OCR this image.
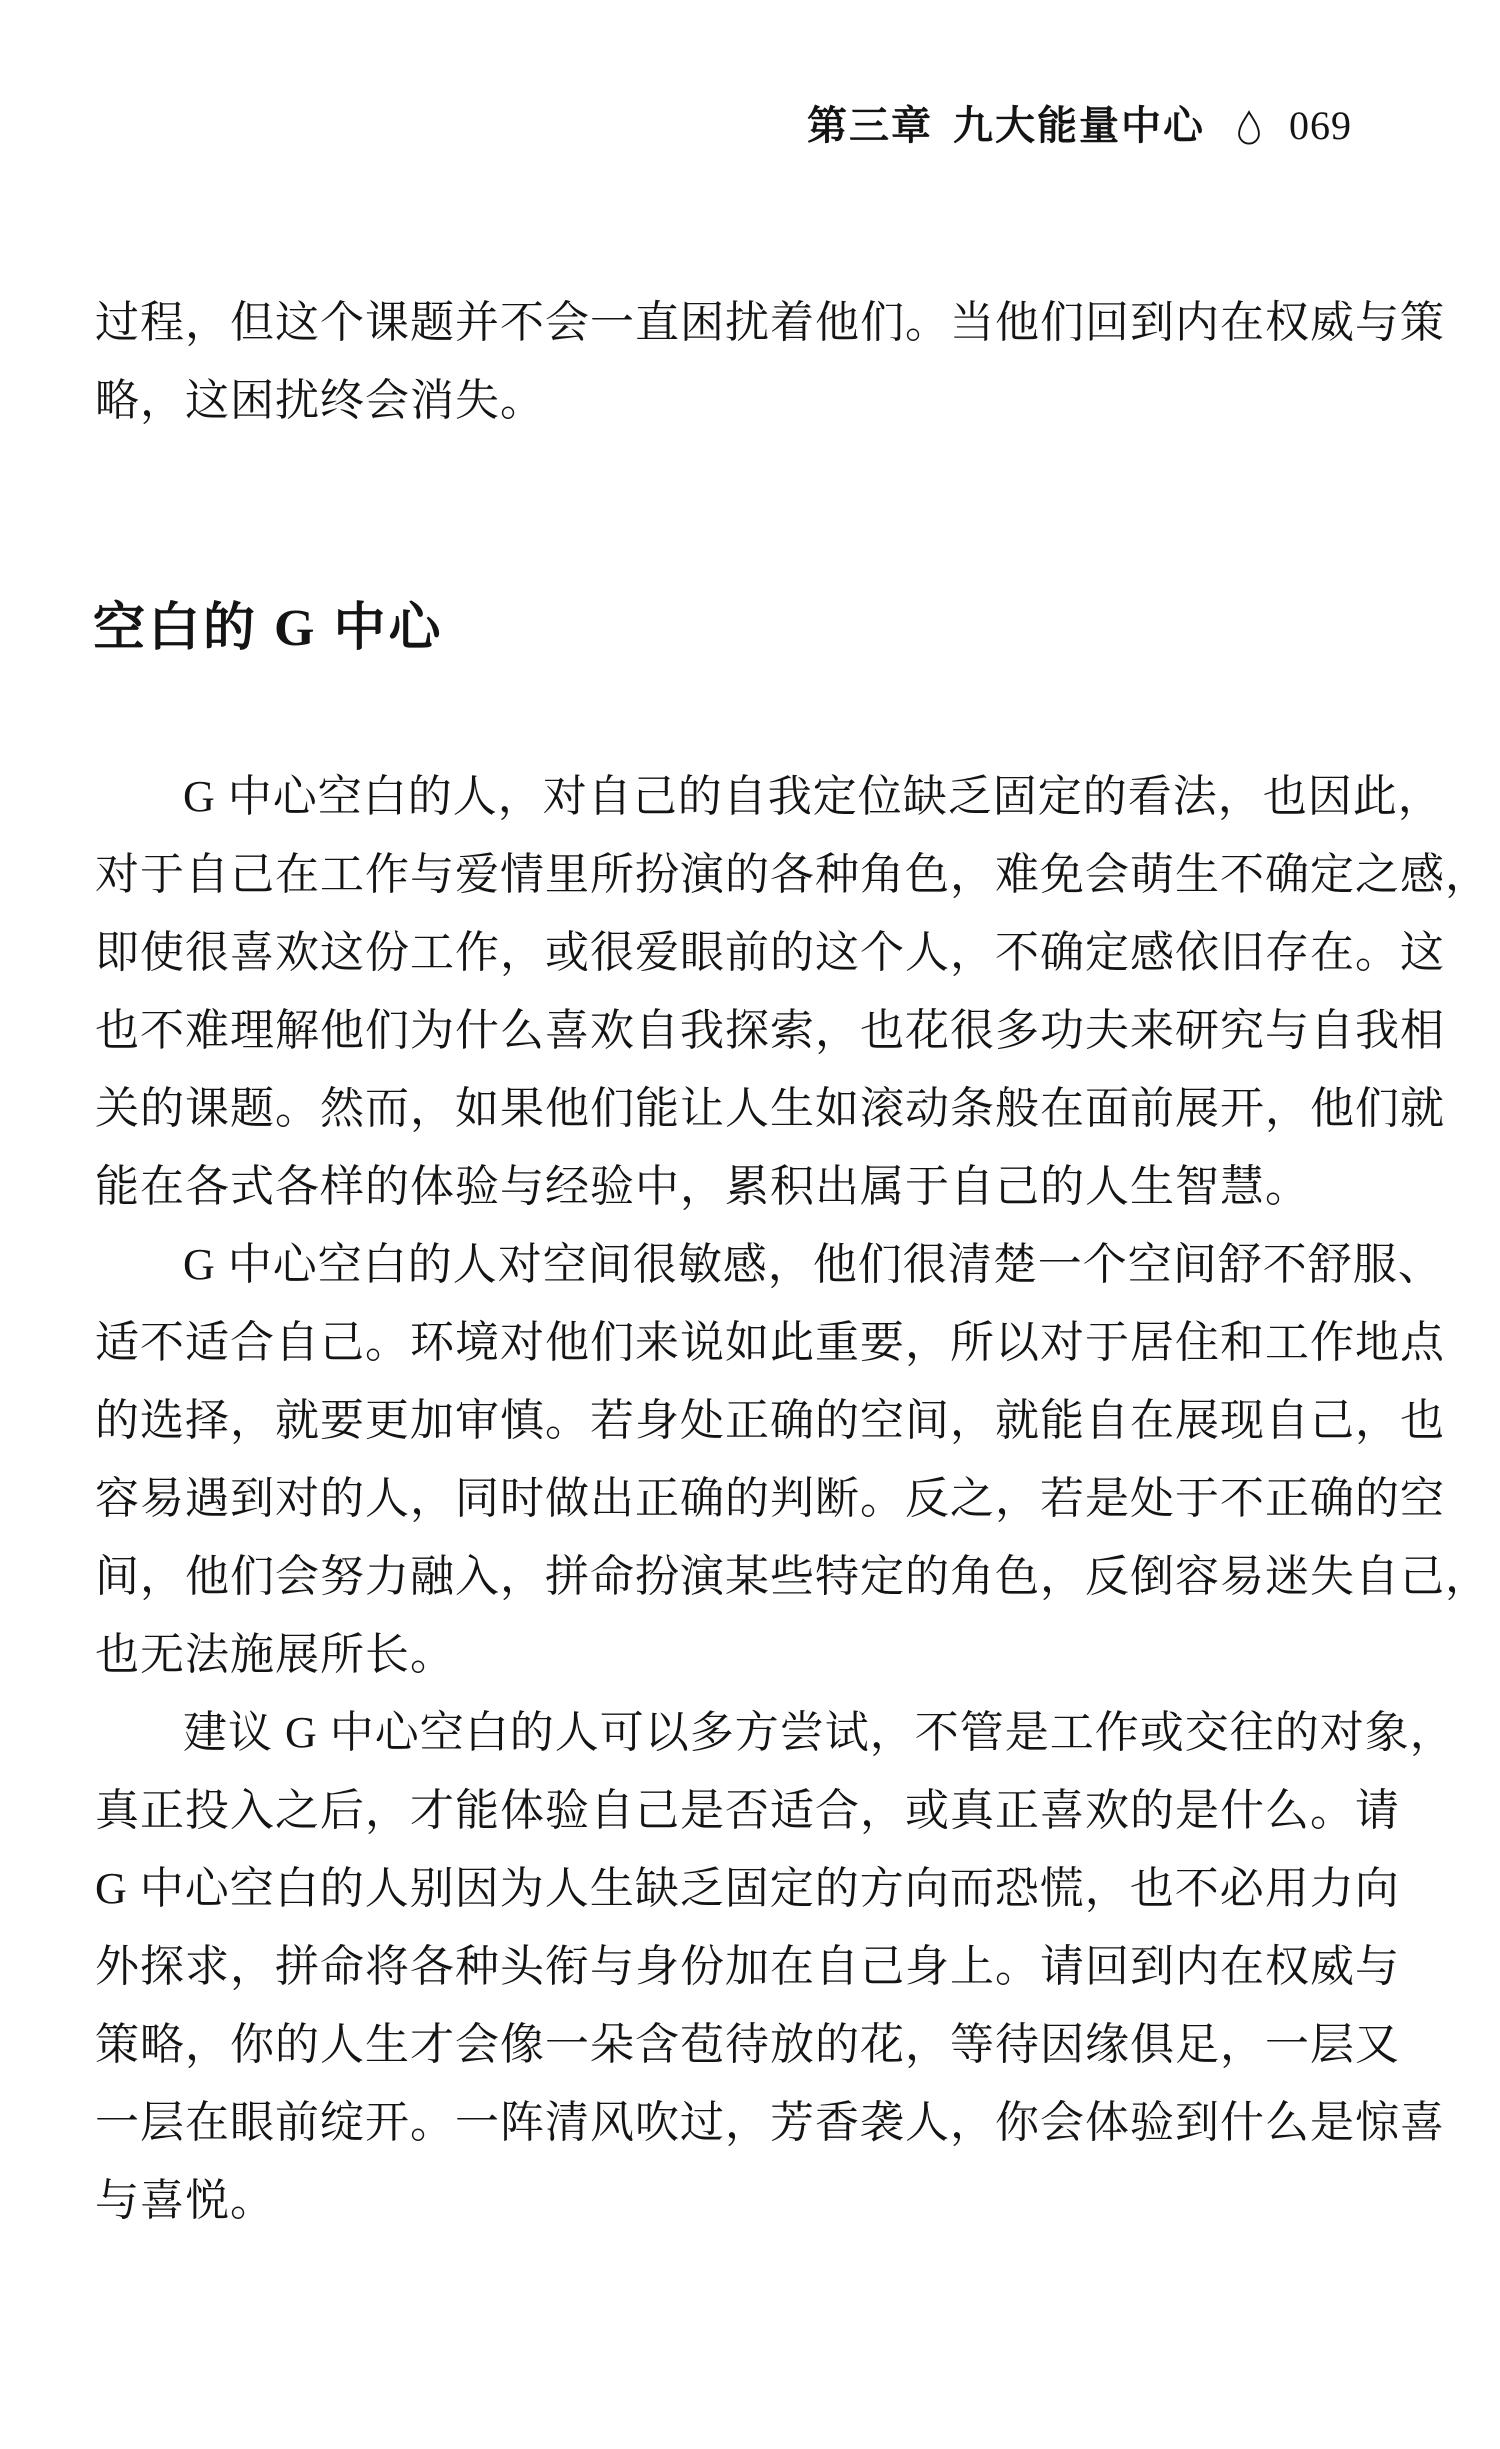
第三章 九大能量中心 069
过程，但这个课题并不会一直困扰着他们。当他们回到内在权威与策
略，这困扰终会消失。
空白的 G 中心
G 中心空白的人，对自己的自我定位缺乏固定的看法，也因此，
对于自己在工作与爱情里所扮演的各种角色，难免会萌生不确定之感，
即使很喜欢这份工作，或很爱眼前的这个人，不确定感依旧存在。这
也不难理解他们为什么喜欢自我探索，也花很多功夫来研究与自我相
关的课题。然而，如果他们能让人生如滚动条般在面前展开，他们就
能在各式各样的体验与经验中，累积出属于自己的人生智慧。
G 中心空白的人对空间很敏感，他们很清楚一个空间舒不舒服、
适不适合自己。环境对他们来说如此重要，所以对于居住和工作地点
的选择，就要更加审慎。若身处正确的空间，就能自在展现自己，也
容易遇到对的人，同时做出正确的判断。反之，若是处于不正确的空
间，他们会努力融入，拼命扮演某些特定的角色，反倒容易迷失自己，
也无法施展所长。
建议 G 中心空白的人可以多方尝试，不管是工作或交往的对象，
真正投入之后，才能体验自己是否适合，或真正喜欢的是什么。请
G 中心空白的人别因为人生缺乏固定的方向而恐慌，也不必用力向
外探求，拼命将各种头衔与身份加在自己身上。请回到内在权威与
策略，你的人生才会像一朵含苞待放的花，等待因缘俱足，一层又
一层在眼前绽开。一阵清风吹过，芳香袭人，你会体验到什么是惊喜
与喜悦。
